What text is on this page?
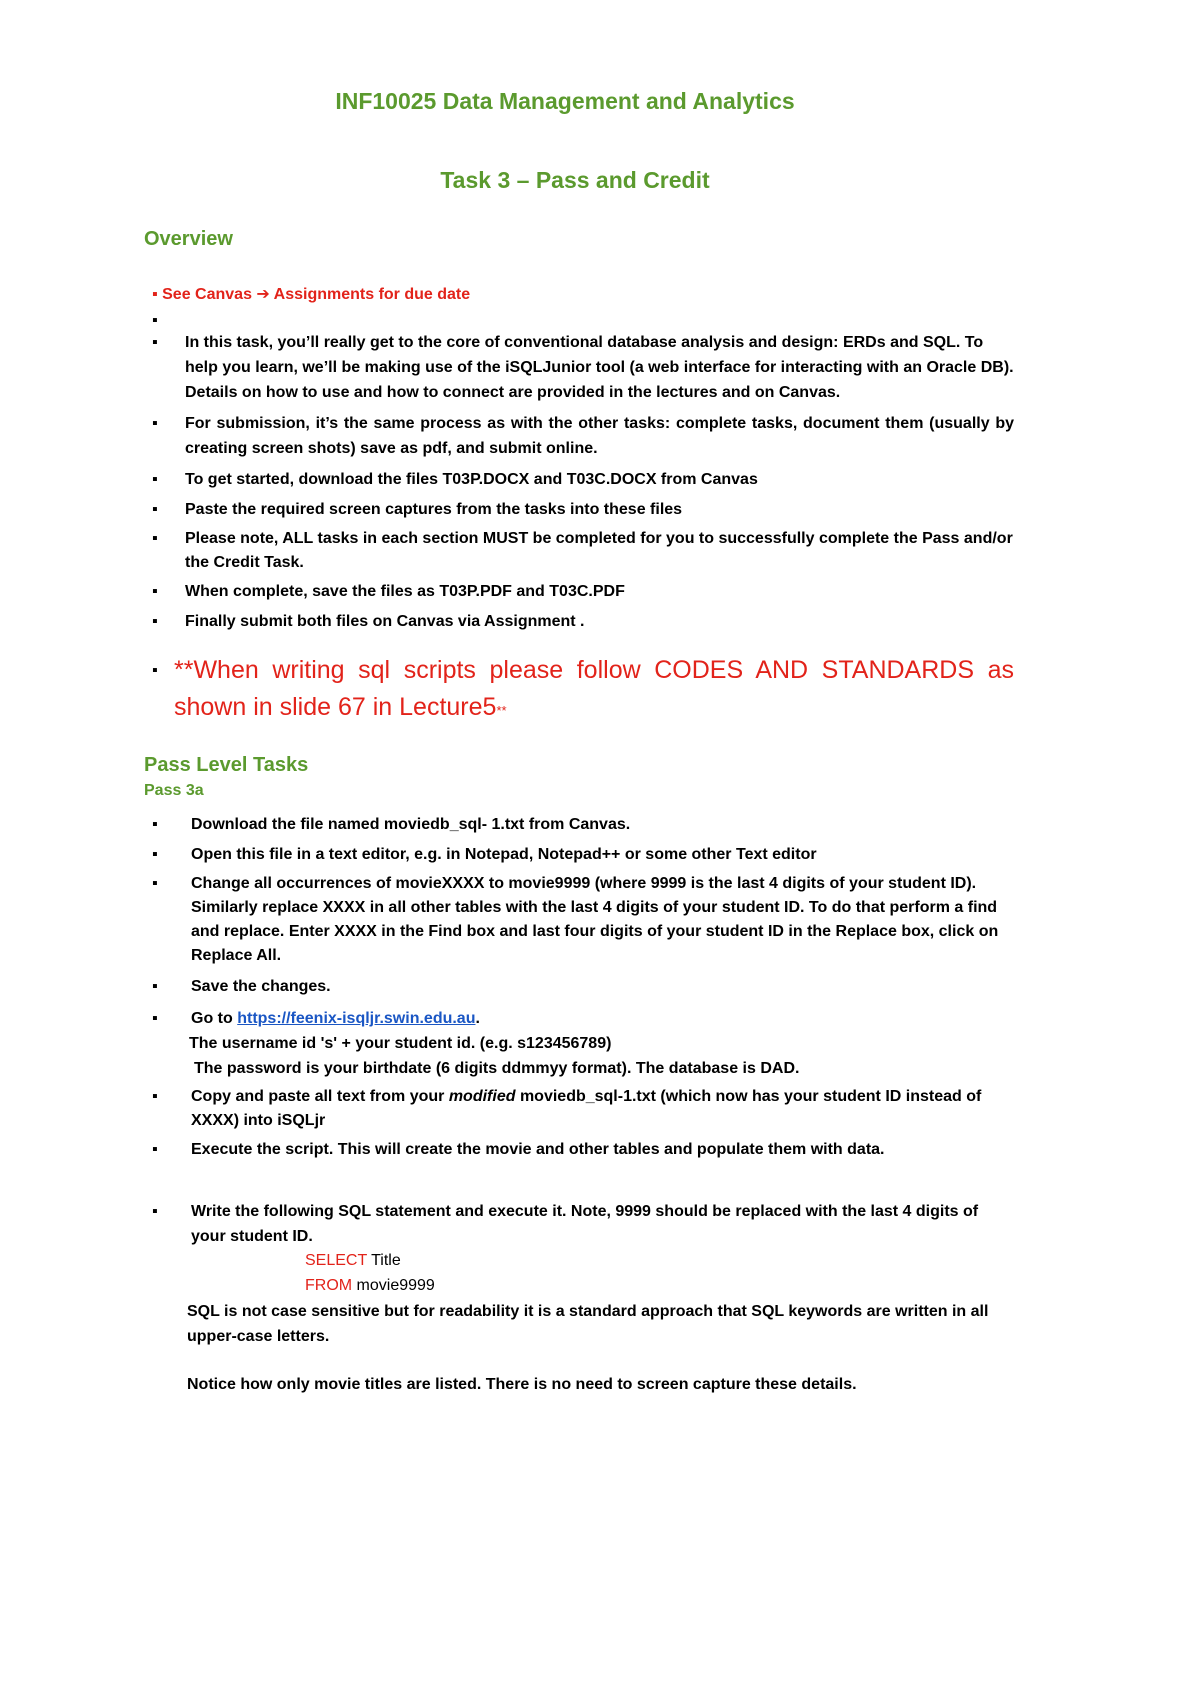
INF10025 Data Management and Analytics
Task 3 – Pass and Credit
Overview
▪ See Canvas ➔ Assignments for due date
▪
▪ In this task, you’ll really get to the core of conventional database analysis and design: ERDs and SQL. To help you learn, we’ll be making use of the iSQLJunior tool (a web interface for interacting with an Oracle DB). Details on how to use and how to connect are provided in the lectures and on Canvas.
▪ For submission, it’s the same process as with the other tasks: complete tasks, document them (usually by creating screen shots) save as pdf, and submit online.
▪ To get started, download the files T03P.DOCX and T03C.DOCX from Canvas
▪ Paste the required screen captures from the tasks into these files
▪ Please note, ALL tasks in each section MUST be completed for you to successfully complete the Pass and/or the Credit Task.
▪ When complete, save the files as T03P.PDF and T03C.PDF
▪ Finally submit both files on Canvas via Assignment .
▪ **When writing sql scripts please follow CODES AND STANDARDS as shown in slide 67 in Lecture5**
Pass Level Tasks
Pass 3a
▪ Download the file named moviedb_sql- 1.txt from Canvas.
▪ Open this file in a text editor, e.g. in Notepad, Notepad++ or some other Text editor
▪ Change all occurrences of movieXXXX to movie9999 (where 9999 is the last 4 digits of your student ID). Similarly replace XXXX in all other tables with the last 4 digits of your student ID. To do that perform a find and replace. Enter XXXX in the Find box and last four digits of your student ID in the Replace box, click on Replace All.
▪ Save the changes.
▪ Go to https://feenix-isqljr.swin.edu.au.
The username id 's' + your student id. (e.g. s123456789)
The password is your birthdate (6 digits ddmmyy format). The database is DAD.
▪ Copy and paste all text from your modified moviedb_sql-1.txt (which now has your student ID instead of XXXX) into iSQLjr
▪ Execute the script. This will create the movie and other tables and populate them with data.
▪ Write the following SQL statement and execute it. Note, 9999 should be replaced with the last 4 digits of your student ID.
SELECT Title
FROM movie9999
SQL is not case sensitive but for readability it is a standard approach that SQL keywords are written in all upper-case letters.
Notice how only movie titles are listed. There is no need to screen capture these details.
